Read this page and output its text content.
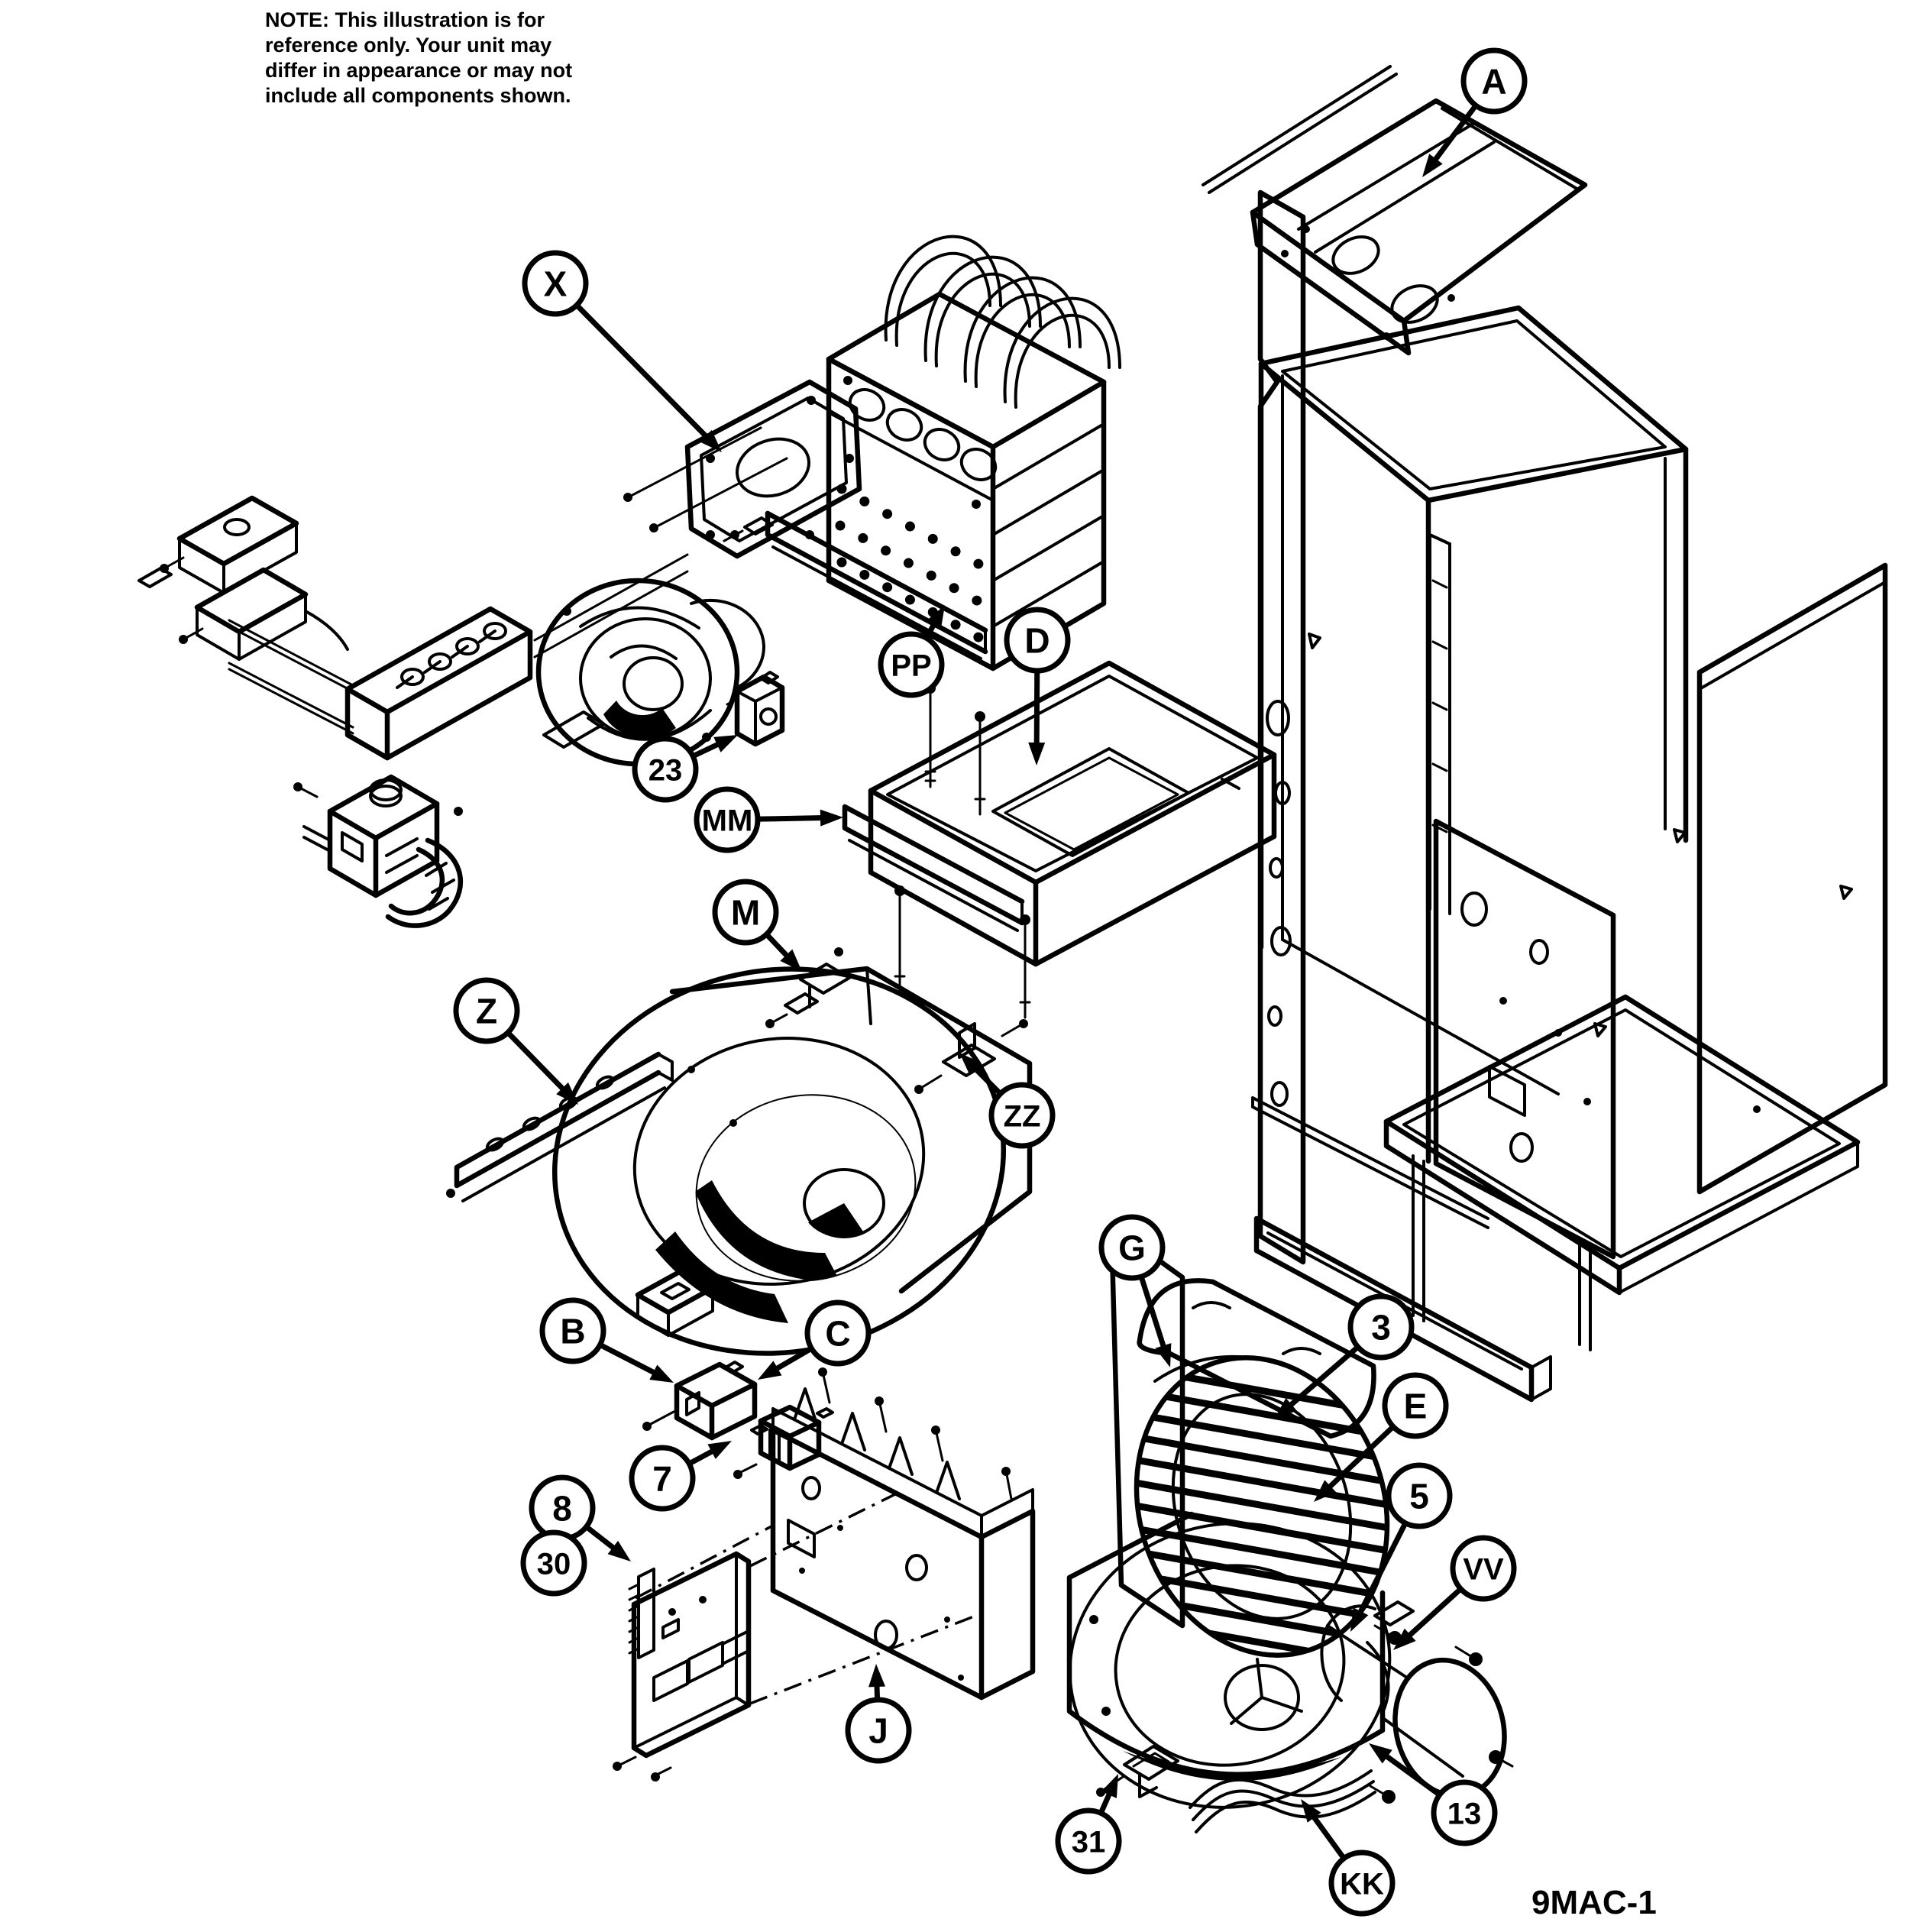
NOTE: This illustration is for
reference only. Your unit may
differ in appearance or may not
include all components shown.	A
X
PP
D
23
MM
M
Z
ZZ
G
3
E
5
VV
13
KK
31
B	C
7
8
30
J
9MAC-1
